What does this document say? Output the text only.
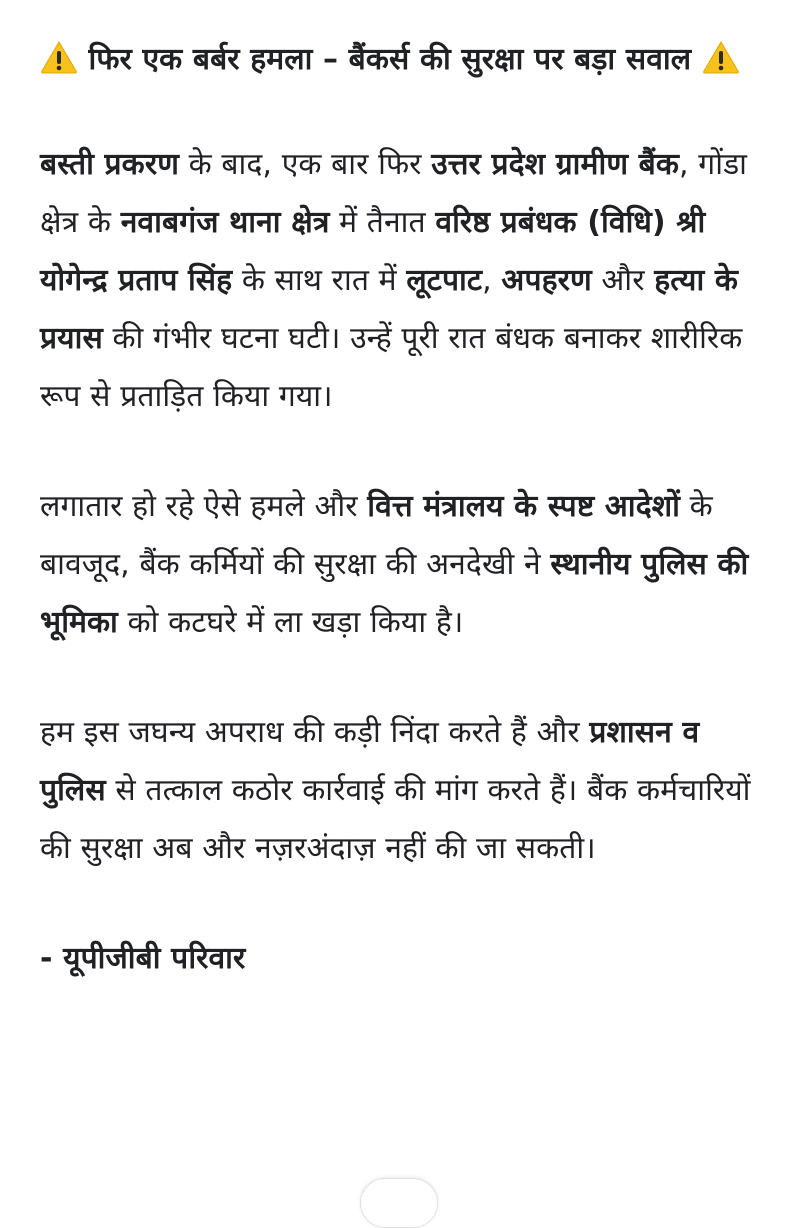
फिर एक बर्बर हमला – बैंकर्स की सुरक्षा पर बड़ा सवाल
बस्ती प्रकरण के बाद, एक बार फिर उत्तर प्रदेश ग्रामीण बैंक, गोंडा क्षेत्र के नवाबगंज थाना क्षेत्र में तैनात वरिष्ठ प्रबंधक (विधि) श्री योगेन्द्र प्रताप सिंह के साथ रात में लूटपाट, अपहरण और हत्या के प्रयास की गंभीर घटना घटी। उन्हें पूरी रात बंधक बनाकर शारीरिक रूप से प्रताड़ित किया गया।
लगातार हो रहे ऐसे हमले और वित्त मंत्रालय के स्पष्ट आदेशों के बावजूद, बैंक कर्मियों की सुरक्षा की अनदेखी ने स्थानीय पुलिस की भूमिका को कटघरे में ला खड़ा किया है।
हम इस जघन्य अपराध की कड़ी निंदा करते हैं और प्रशासन व पुलिस से तत्काल कठोर कार्रवाई की मांग करते हैं। बैंक कर्मचारियों की सुरक्षा अब और नज़रअंदाज़ नहीं की जा सकती।
- यूपीजीबी परिवार
